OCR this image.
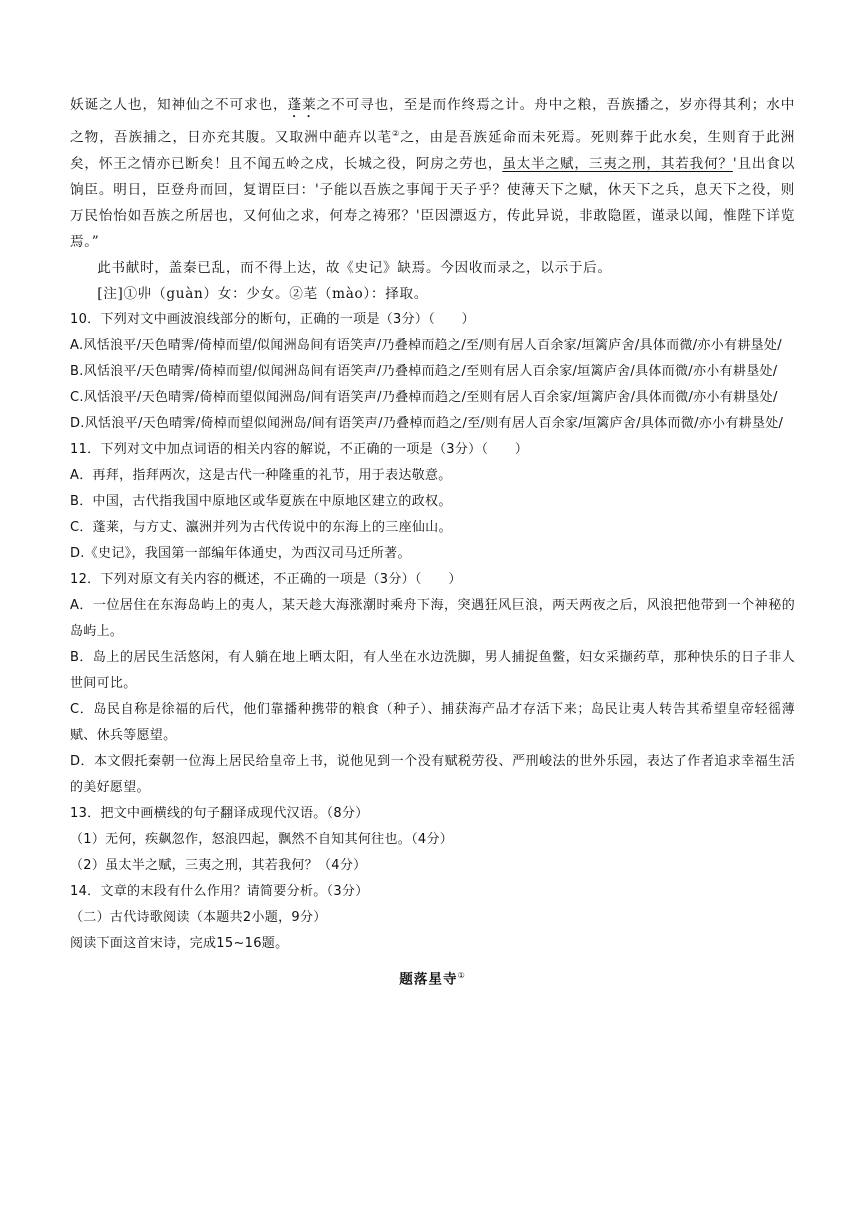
妖诞之人也，知神仙之不可求也，蓬莱之不可寻也，至是而作终焉之计。舟中之粮，吾族播之，岁亦得其利；水中之物，吾族捕之，日亦充其腹。又取洲中葩卉以芼②之，由是吾族延命而未死焉。死则葬于此水矣，生则育于此洲矣，怀王之情亦已断矣！且不闻五岭之戍，长城之役，阿房之劳也，虽太半之赋，三夷之刑，其若我何？'且出食以饷臣。明日，臣登舟而回，复谓臣曰：'子能以吾族之事闻于天子乎？使薄天下之赋，休天下之兵，息天下之役，则万民怡怡如吾族之所居也，又何仙之求，何寿之祷邪？'臣因漂返方，传此异说，非敢隐匿，谨录以闻，惟陛下详览焉。”
此书献时，盖秦已乱，而不得上达，故《史记》缺焉。今因收而录之，以示于后。
[注]①丱（guàn）女：少女。②芼（mào）：择取。
10．下列对文中画波浪线部分的断句，正确的一项是（3分）（　　）
A.风恬浪平/天色晴霁/倚棹而望/似闻洲岛间有语笑声/乃叠棹而趋之/至/则有居人百余家/垣篱庐舍/具体而微/亦小有耕垦处/
B.风恬浪平/天色晴霁/倚棹而望/似闻洲岛间有语笑声/乃叠棹而趋之/至则有居人百余家/垣篱庐舍/具体而微/亦小有耕垦处/
C.风恬浪平/天色晴霁/倚棹而望似闻洲岛/间有语笑声/乃叠棹而趋之/至则有居人百余家/垣篱庐舍/具体而微/亦小有耕垦处/
D.风恬浪平/天色晴霁/倚棹而望似闻洲岛/间有语笑声/乃叠棹而趋之/至/则有居人百余家/垣篱庐舍/具体而微/亦小有耕垦处/
11．下列对文中加点词语的相关内容的解说，不正确的一项是（3分）（　　）
A．再拜，指拜两次，这是古代一种隆重的礼节，用于表达敬意。
B．中国，古代指我国中原地区或华夏族在中原地区建立的政权。
C．蓬莱，与方丈、瀛洲并列为古代传说中的东海上的三座仙山。
D.《史记》，我国第一部编年体通史，为西汉司马迁所著。
12．下列对原文有关内容的概述，不正确的一项是（3分）（　　）
A．一位居住在东海岛屿上的夷人，某天趁大海涨潮时乘舟下海，突遇狂风巨浪，两天两夜之后，风浪把他带到一个神秘的岛屿上。
B．岛上的居民生活悠闲，有人躺在地上晒太阳，有人坐在水边洗脚，男人捕捉鱼鳖，妇女采撷药草，那种快乐的日子非人世间可比。
C．岛民自称是徐福的后代，他们靠播种携带的粮食（种子）、捕获海产品才存活下来；岛民让夷人转告其希望皇帝轻徭薄赋、休兵等愿望。
D．本文假托秦朝一位海上居民给皇帝上书，说他见到一个没有赋税劳役、严刑峻法的世外乐园，表达了作者追求幸福生活的美好愿望。
13．把文中画横线的句子翻译成现代汉语。（8分）
（1）无何，疾飙忽作，怒浪四起，飘然不自知其何往也。（4分）
（2）虽太半之赋，三夷之刑，其若我何？（4分）
14．文章的末段有什么作用？请简要分析。（3分）
（二）古代诗歌阅读（本题共2小题，9分）
阅读下面这首宋诗，完成15~16题。
题落星寺①
